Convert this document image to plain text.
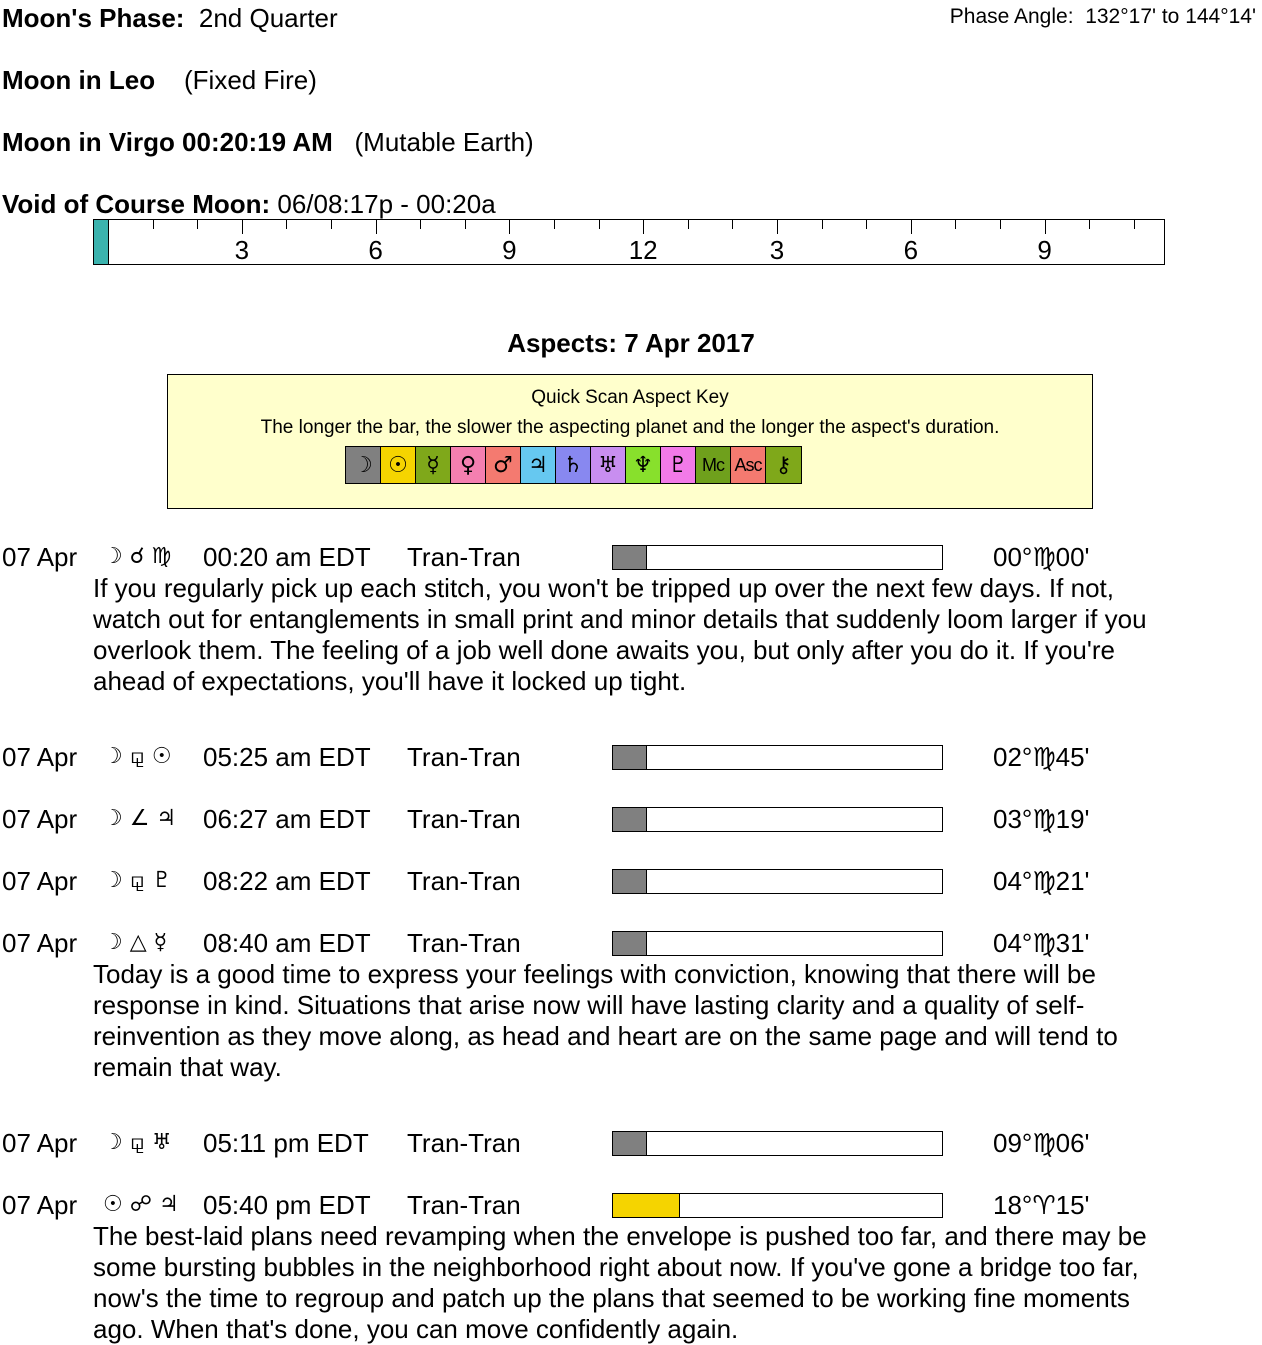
Moon's Phase: 2nd Quarter	Phase Angle: 132°17' to 144°14'
Moon in Leo (Fixed Fire)
Moon in Virgo 00:20:19 AM (Mutable Earth)
Void of Course Moon: 06/08:17p - 00:20a
3	6	9	12	3	6	9
Aspects: 7 Apr 2017
Quick Scan Aspect Key
The longer the bar, the slower the aspecting planet and the longer the aspect's duration.
☽ ☉ ☿ ♀ ♂ ♃ ♄ ♅ ♆ ♇ Mc Asc ⚷
07 Apr ☽ ☌ ♍ 00:20 am EDT Tran-Tran	00°♍00'
If you regularly pick up each stitch, you won't be tripped up over the next few days. If not,
watch out for entanglements in small print and minor details that suddenly loom larger if you
overlook them. The feeling of a job well done awaits you, but only after you do it. If you're
ahead of expectations, you'll have it locked up tight.
07 Apr ☽ ⚼ ☉ 05:25 am EDT Tran-Tran	02°♍45'
07 Apr ☽ ∠ ♃ 06:27 am EDT Tran-Tran	03°♍19'
07 Apr ☽ ⚼ ♇ 08:22 am EDT Tran-Tran	04°♍21'
07 Apr ☽ △ ☿ 08:40 am EDT Tran-Tran	04°♍31'
Today is a good time to express your feelings with conviction, knowing that there will be
response in kind. Situations that arise now will have lasting clarity and a quality of self-
reinvention as they move along, as head and heart are on the same page and will tend to
remain that way.
07 Apr ☽ ⚼ ♅ 05:11 pm EDT Tran-Tran	09°♍06'
07 Apr ☉ ☍ ♃ 05:40 pm EDT Tran-Tran	18°♈15'
The best-laid plans need revamping when the envelope is pushed too far, and there may be
some bursting bubbles in the neighborhood right about now. If you've gone a bridge too far,
now's the time to regroup and patch up the plans that seemed to be working fine moments
ago. When that's done, you can move confidently again.
